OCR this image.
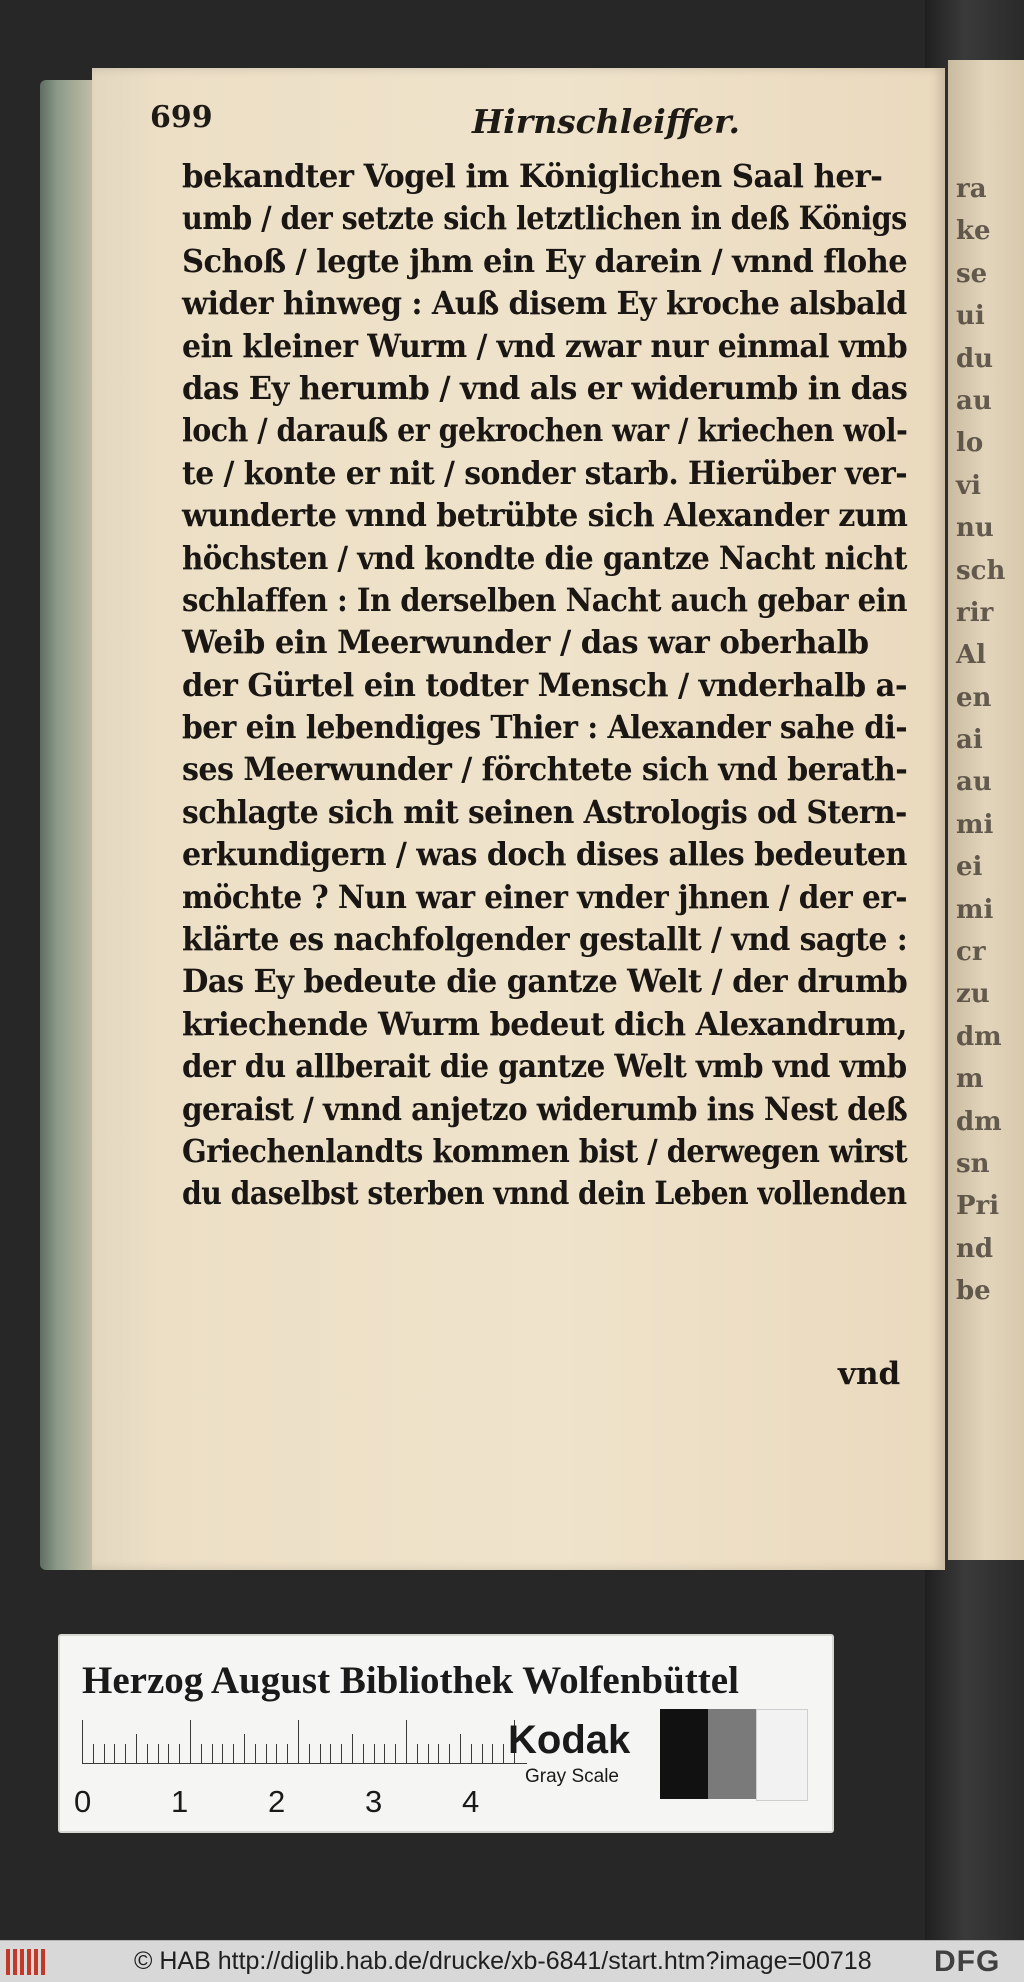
ra
ke
se
ui
du
au
lo
vi
nu
sch
rir
Al
en
ai
au
mi
ei
mi
cr
zu
dm
m
dm
sn
Pri
nd
be
699	Hirnschleiffer.
bekandter Vogel im Königlichen Saal her-
umb / der setzte sich letztlichen in deß Königs
Schoß / legte jhm ein Ey darein / vnnd flohe
wider hinweg : Auß disem Ey kroche alsbald
ein kleiner Wurm / vnd zwar nur einmal vmb
das Ey herumb / vnd als er widerumb in das
loch / darauß er gekrochen war / kriechen wol-
te / konte er nit / sonder starb. Hierüber ver-
wunderte vnnd betrübte sich Alexander zum
höchsten / vnd kondte die gantze Nacht nicht
schlaffen : In derselben Nacht auch gebar ein
Weib ein Meerwunder / das war oberhalb
der Gürtel ein todter Mensch / vnderhalb a-
ber ein lebendiges Thier : Alexander sahe di-
ses Meerwunder / förchtete sich vnd berath-
schlagte sich mit seinen Astrologis od Stern-
erkundigern / was doch dises alles bedeuten
möchte ? Nun war einer vnder jhnen / der er-
klärte es nachfolgender gestallt / vnd sagte :
Das Ey bedeute die gantze Welt / der drumb
kriechende Wurm bedeut dich Alexandrum,
der du allberait die gantze Welt vmb vnd vmb
geraist / vnnd anjetzo widerumb ins Nest deß
Griechenlandts kommen bist / derwegen wirst
du daselbst sterben vnnd dein Leben vollenden
vnd
Herzog August Bibliothek Wolfenbüttel
0	1	2	3	4
Kodak
Gray Scale
© HAB http://diglib.hab.de/drucke/xb-6841/start.htm?image=00718 DFG
